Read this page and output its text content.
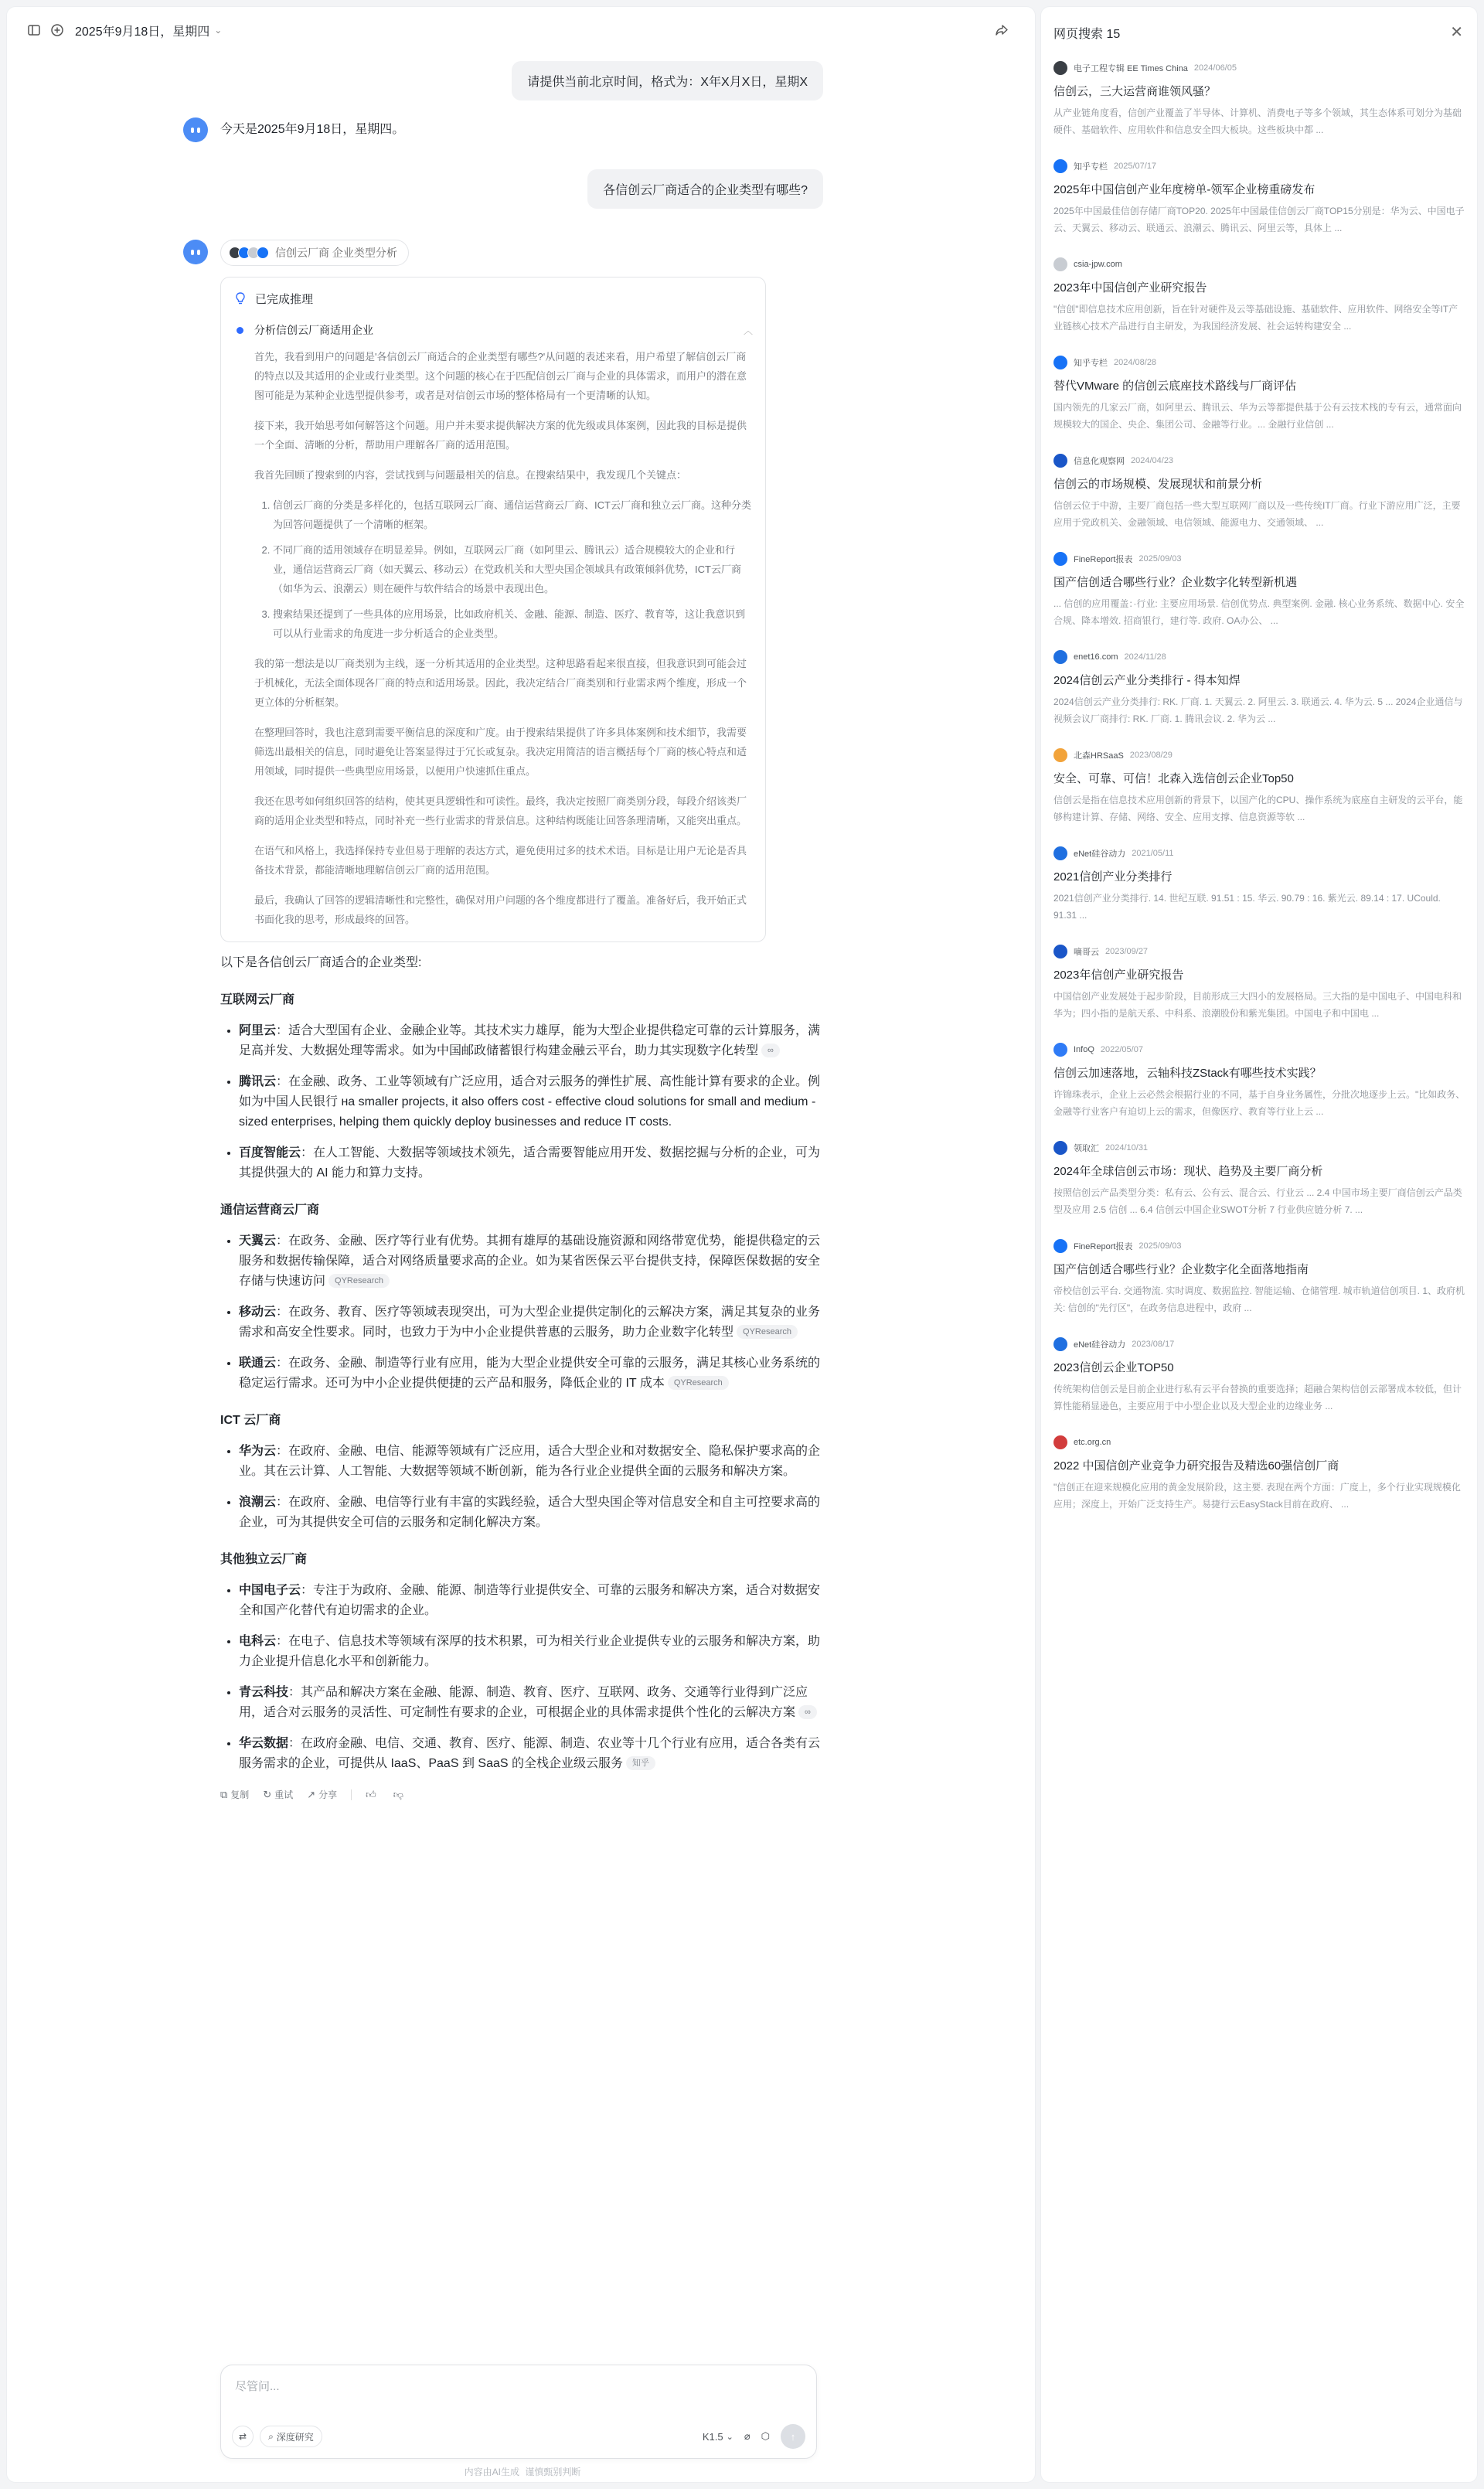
2025年9月18日，星期四 ⌄
请提供当前北京时间，格式为：X年X月X日，星期X
今天是2025年9月18日，星期四。
各信创云厂商适合的企业类型有哪些?
信创云厂商 企业类型分析
已完成推理
分析信创云厂商适用企业	︿

首先，我看到用户的问题是'各信创云厂商适合的企业类型有哪些?'从问题的表述来看，用户希望了解信创云厂商的特点以及其适用的企业或行业类型。这个问题的核心在于匹配信创云厂商与企业的具体需求，而用户的潜在意图可能是为某种企业选型提供参考，或者是对信创云市场的整体格局有一个更清晰的认知。

接下来，我开始思考如何解答这个问题。用户并未要求提供解决方案的优先级或具体案例，因此我的目标是提供一个全面、清晰的分析，帮助用户理解各厂商的适用范围。

我首先回顾了搜索到的内容，尝试找到与问题最相关的信息。在搜索结果中，我发现几个关键点：

1. 信创云厂商的分类是多样化的，包括互联网云厂商、通信运营商云厂商、ICT云厂商和独立云厂商。这种分类为回答问题提供了一个清晰的框架。
2. 不同厂商的适用领域存在明显差异。例如，互联网云厂商（如阿里云、腾讯云）适合规模较大的企业和行业，通信运营商云厂商（如天翼云、移动云）在党政机关和大型央国企领域具有政策倾斜优势，ICT云厂商（如华为云、浪潮云）则在硬件与软件结合的场景中表现出色。
3. 搜索结果还提到了一些具体的应用场景，比如政府机关、金融、能源、制造、医疗、教育等，这让我意识到可以从行业需求的角度进一步分析适合的企业类型。

我的第一想法是以厂商类别为主线，逐一分析其适用的企业类型。这种思路看起来很直接，但我意识到可能会过于机械化，无法全面体现各厂商的特点和适用场景。因此，我决定结合厂商类别和行业需求两个维度，形成一个更立体的分析框架。

在整理回答时，我也注意到需要平衡信息的深度和广度。由于搜索结果提供了许多具体案例和技术细节，我需要筛选出最相关的信息，同时避免让答案显得过于冗长或复杂。我决定用简洁的语言概括每个厂商的核心特点和适用领域，同时提供一些典型应用场景，以便用户快速抓住重点。

我还在思考如何组织回答的结构，使其更具逻辑性和可读性。最终，我决定按照厂商类别分段，每段介绍该类厂商的适用企业类型和特点，同时补充一些行业需求的背景信息。这种结构既能让回答条理清晰，又能突出重点。

在语气和风格上，我选择保持专业但易于理解的表达方式，避免使用过多的技术术语。目标是让用户无论是否具备技术背景，都能清晰地理解信创云厂商的适用范围。

最后，我确认了回答的逻辑清晰性和完整性，确保对用户问题的各个维度都进行了覆盖。准备好后，我开始正式书面化我的思考，形成最终的回答。

以下是各信创云厂商适合的企业类型:
互联网云厂商
• 阿里云：适合大型国有企业、金融企业等。其技术实力雄厚，能为大型企业提供稳定可靠的云计算服务，满足高并发、大数据处理等需求。如为中国邮政储蓄银行构建金融云平台，助力其实现数字化转型 ∞
• 腾讯云：在金融、政务、工业等领域有广泛应用，适合对云服务的弹性扩展、高性能计算有要求的企业。例如为中国人民银行 на smaller projects, it also offers cost - effective cloud solutions for small and medium - sized enterprises, helping them quickly deploy businesses and reduce IT costs.
• 百度智能云：在人工智能、大数据等领域技术领先，适合需要智能应用开发、数据挖掘与分析的企业，可为其提供强大的 AI 能力和算力支持。
通信运营商云厂商
• 天翼云：在政务、金融、医疗等行业有优势。其拥有雄厚的基础设施资源和网络带宽优势，能提供稳定的云服务和数据传输保障，适合对网络质量要求高的企业。如为某省医保云平台提供支持，保障医保数据的安全存储与快速访问 QYResearch
• 移动云：在政务、教育、医疗等领域表现突出，可为大型企业提供定制化的云解决方案，满足其复杂的业务需求和高安全性要求。同时，也致力于为中小企业提供普惠的云服务，助力企业数字化转型 QYResearch
• 联通云：在政务、金融、制造等行业有应用，能为大型企业提供安全可靠的云服务，满足其核心业务系统的稳定运行需求。还可为中小企业提供便捷的云产品和服务，降低企业的 IT 成本 QYResearch
ICT 云厂商
• 华为云：在政府、金融、电信、能源等领域有广泛应用，适合大型企业和对数据安全、隐私保护要求高的企业。其在云计算、人工智能、大数据等领域不断创新，能为各行业企业提供全面的云服务和解决方案。
• 浪潮云：在政府、金融、电信等行业有丰富的实践经验，适合大型央国企等对信息安全和自主可控要求高的企业，可为其提供安全可信的云服务和定制化解决方案。
其他独立云厂商
• 中国电子云：专注于为政府、金融、能源、制造等行业提供安全、可靠的云服务和解决方案，适合对数据安全和国产化替代有迫切需求的企业。
• 电科云：在电子、信息技术等领域有深厚的技术积累，可为相关行业企业提供专业的云服务和解决方案，助力企业提升信息化水平和创新能力。
• 青云科技：其产品和解决方案在金融、能源、制造、教育、医疗、互联网、政务、交通等行业得到广泛应用，适合对云服务的灵活性、可定制性有要求的企业，可根据企业的具体需求提供个性化的云解决方案 ∞
• 华云数据：在政府金融、电信、交通、教育、医疗、能源、制造、农业等十几个行业有应用，适合各类有云服务需求的企业，可提供从 IaaS、PaaS 到 SaaS 的全栈企业级云服务 知乎
⧉ 复制 ↻ 重试 ↗ 分享	👍︎ 👎︎
尽管问...
⇄ ⌕ 深度研究	K1.5 ⌄ ⌀ ⬡ ↑
内容由AI生成 谨慎甄别判断
网页搜索 15	✕
电子工程专辑 EE Times China 2024/06/05
信创云，三大运营商谁领风骚？
从产业链角度看，信创产业覆盖了半导体、计算机、消费电子等多个领域，其生态体系可划分为基础硬件、基础软件、应用软件和信息安全四大板块。这些板块中都 ...
知乎专栏 2025/07/17
2025年中国信创产业年度榜单-领军企业榜重磅发布
2025年中国最佳信创存储厂商TOP20. 2025年中国最佳信创云厂商TOP15分别是：华为云、中国电子云、天翼云、移动云、联通云、浪潮云、腾讯云、阿里云等，具体上 ...
csia-jpw.com
2023年中国信创产业研究报告
"信创"即信息技术应用创新，旨在针对硬件及云等基础设施、基础软件、应用软件、网络安全等IT产业链核心技术产品进行自主研发，为我国经济发展、社会运转构建安全 ...
知乎专栏 2024/08/28
替代VMware 的信创云底座技术路线与厂商评估
国内领先的几家云厂商，如阿里云、腾讯云、华为云等都提供基于公有云技术栈的专有云，通常面向规模较大的国企、央企、集团公司、金融等行业。... 金融行业信创 ...
信息化观察网 2024/04/23
信创云的市场规模、发展现状和前景分析
信创云位于中游，主要厂商包括一些大型互联网厂商以及一些传统IT厂商。行业下游应用广泛，主要应用于党政机关、金融领域、电信领域、能源电力、交通领域、 ...
FineReport报表 2025/09/03
国产信创适合哪些行业？企业数字化转型新机遇
... 信创的应用覆盖：·行业: 主要应用场景. 信创优势点. 典型案例. 金融. 核心业务系统、数据中心. 安全合规、降本增效. 招商银行，建行等. 政府. OA办公、 ...
enet16.com 2024/11/28
2024信创云产业分类排行 - 得本知焊
2024信创云产业分类排行: RK. 厂商. 1. 天翼云. 2. 阿里云. 3. 联通云. 4. 华为云. 5 ... 2024企业通信与视频会议厂商排行: RK. 厂商. 1. 腾讯会议. 2. 华为云 ...
北森HRSaaS 2023/08/29
安全、可靠、可信！北森入选信创云企业Top50
信创云是指在信息技术应用创新的背景下，以国产化的CPU、操作系统为底座自主研发的云平台，能够构建计算、存储、网络、安全、应用支撑、信息资源等软 ...
eNet硅谷动力 2021/05/11
2021信创产业分类排行
2021信创产业分类排行. 14. 世纪互联. 91.51 : 15. 华云. 90.79 : 16. 紫光云. 89.14 : 17. UCould. 91.31 ...
嘀哥云 2023/09/27
2023年信创产业研究报告
中国信创产业发展处于起步阶段，目前形成三大四小的发展格局。三大指的是中国电子、中国电科和华为；四小指的是航天系、中科系、浪潮股份和紫光集团。中国电子和中国电 ...
InfoQ 2022/05/07
信创云加速落地，云轴科技ZStack有哪些技术实践？
许锦珠表示，企业上云必然会根据行业的不同，基于自身业务属性，分批次地逐步上云。"比如政务、金融等行业客户有迫切上云的需求，但像医疗、教育等行业上云 ...
领取汇 2024/10/31
2024年全球信创云市场：现状、趋势及主要厂商分析
按照信创云产品类型分类：私有云、公有云、混合云、行业云 ... 2.4 中国市场主要厂商信创云产品类型及应用 2.5 信创 ... 6.4 信创云中国企业SWOT分析 7 行业供应链分析 7. ...
FineReport报表 2025/09/03
国产信创适合哪些行业？企业数字化全面落地指南
帝校信创云平台. 交通物流. 实时调度、数据监控. 智能运输、仓储管理. 城市轨道信创项目. 1、政府机关: 信创的"先行区"，在政务信息进程中，政府 ...
eNet硅谷动力 2023/08/17
2023信创云企业TOP50
传统架构信创云是目前企业进行私有云平台替换的重要选择；超融合架构信创云部署成本较低，但计算性能稍显逊色，主要应用于中小型企业以及大型企业的边缘业务 ...
etc.org.cn
2022 中国信创产业竞争力研究报告及精选60强信创厂商
"信创正在迎来规模化应用的黄金发展阶段，这主要. 表现在两个方面：广度上，多个行业实现规模化应用；深度上，开始广泛支持生产。易捷行云EasyStack目前在政府、 ...
